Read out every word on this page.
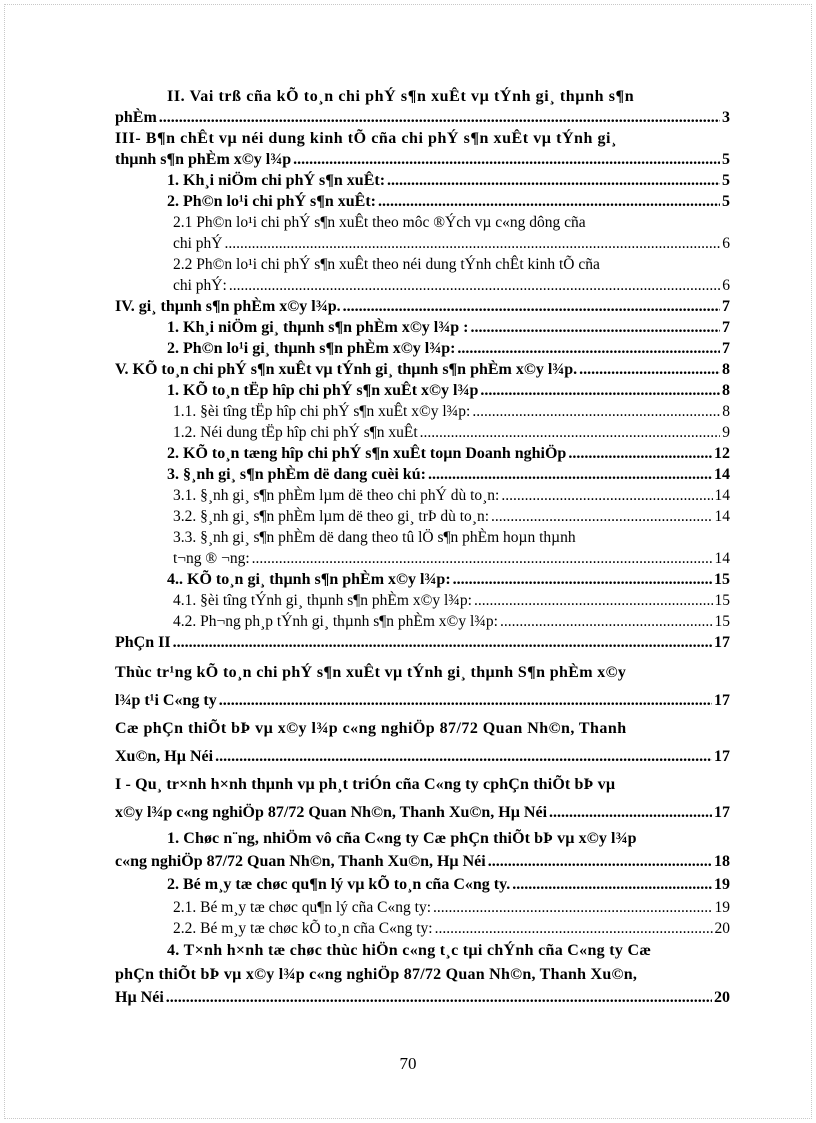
II. Vai trß cña kÕ to¸n chi phÝ s¶n xuÊt vµ tÝnh gi¸ thµnh s¶n
phÈm .....	3
III- B¶n chÊt vµ néi dung kinh tÕ cña chi phÝ s¶n xuÊt vµ tÝnh gi¸
thµnh s¶n phÈm x©y l¾p .....	5
1. Kh¸i niÖm chi phÝ s¶n xuÊt: .....	5
2. Ph©n lo¹i chi phÝ s¶n xuÊt: .....	5
2.1 Ph©n lo¹i chi phÝ s¶n xuÊt theo môc ®Ých vµ c«ng dông cña
chi phÝ .....	6
2.2 Ph©n lo¹i chi phÝ s¶n xuÊt theo néi dung tÝnh chÊt kinh tÕ cña
chi phÝ: .....	6
IV. gi¸ thµnh s¶n phÈm x©y l¾p. .....	7
1. Kh¸i niÖm gi¸ thµnh s¶n phÈm x©y l¾p : .....	7
2. Ph©n lo¹i gi¸ thµnh s¶n phÈm x©y l¾p: .....	7
V. KÕ to¸n chi phÝ s¶n xuÊt vµ tÝnh gi¸ thµnh s¶n phÈm x©y l¾p. .....	8
1. KÕ to¸n tËp hîp chi phÝ s¶n xuÊt x©y l¾p .....	8
1.1. §èi tîng tËp hîp chi phÝ s¶n xuÊt x©y l¾p: .....	8
1.2. Néi dung tËp hîp chi phÝ s¶n xuÊt .....	9
2. KÕ to¸n tæng hîp chi phÝ s¶n xuÊt toµn Doanh nghiÖp .....	12
3. §¸nh gi¸ s¶n phÈm dë dang cuèi kú: .....	14
3.1. §¸nh gi¸ s¶n phÈm lµm dë theo chi phÝ dù to¸n: .....	14
3.2. §¸nh gi¸ s¶n phÈm lµm dë theo gi¸ trÞ dù to¸n: .....	14
3.3. §¸nh gi¸ s¶n phÈm dë dang theo tû lÖ s¶n phÈm hoµn thµnh
t¬ng ® ¬ng: .....	14
4.. KÕ to¸n gi¸ thµnh s¶n phÈm x©y l¾p: .....	15
4.1. §èi tîng tÝnh gi¸ thµnh s¶n phÈm x©y l¾p: .....	15
4.2. Ph¬ng ph¸p tÝnh gi¸ thµnh s¶n phÈm x©y l¾p: .....	15
PhÇn II .....	17
Thùc tr¹ng kÕ to¸n chi phÝ s¶n xuÊt vµ tÝnh gi¸ thµnh S¶n phÈm x©y
l¾p t¹i C«ng ty .....	17
Cæ phÇn thiÕt bÞ vµ x©y l¾p c«ng nghiÖp 87/72 Quan Nh©n, Thanh
Xu©n, Hµ Néi .....	17
I - Qu¸ tr×nh h×nh thµnh vµ ph¸t triÓn cña C«ng ty cphÇn thiÕt bÞ vµ
x©y l¾p c«ng nghiÖp 87/72 Quan Nh©n, Thanh Xu©n, Hµ Néi .....	17
1. Chøc n¨ng, nhiÖm vô cña C«ng ty Cæ phÇn thiÕt bÞ vµ x©y l¾p
c«ng nghiÖp 87/72 Quan Nh©n, Thanh Xu©n, Hµ Néi .....	18
2. Bé m¸y tæ chøc qu¶n lý vµ kÕ to¸n cña C«ng ty. .....	19
2.1. Bé m¸y tæ chøc qu¶n lý cña C«ng ty: .....	19
2.2. Bé m¸y tæ chøc kÕ to¸n cña C«ng ty: .....	20
4. T×nh h×nh tæ chøc thùc hiÖn c«ng t¸c tµi chÝnh cña C«ng ty Cæ
phÇn thiÕt bÞ vµ x©y l¾p c«ng nghiÖp 87/72 Quan Nh©n, Thanh Xu©n,
Hµ Néi .....	20
70
